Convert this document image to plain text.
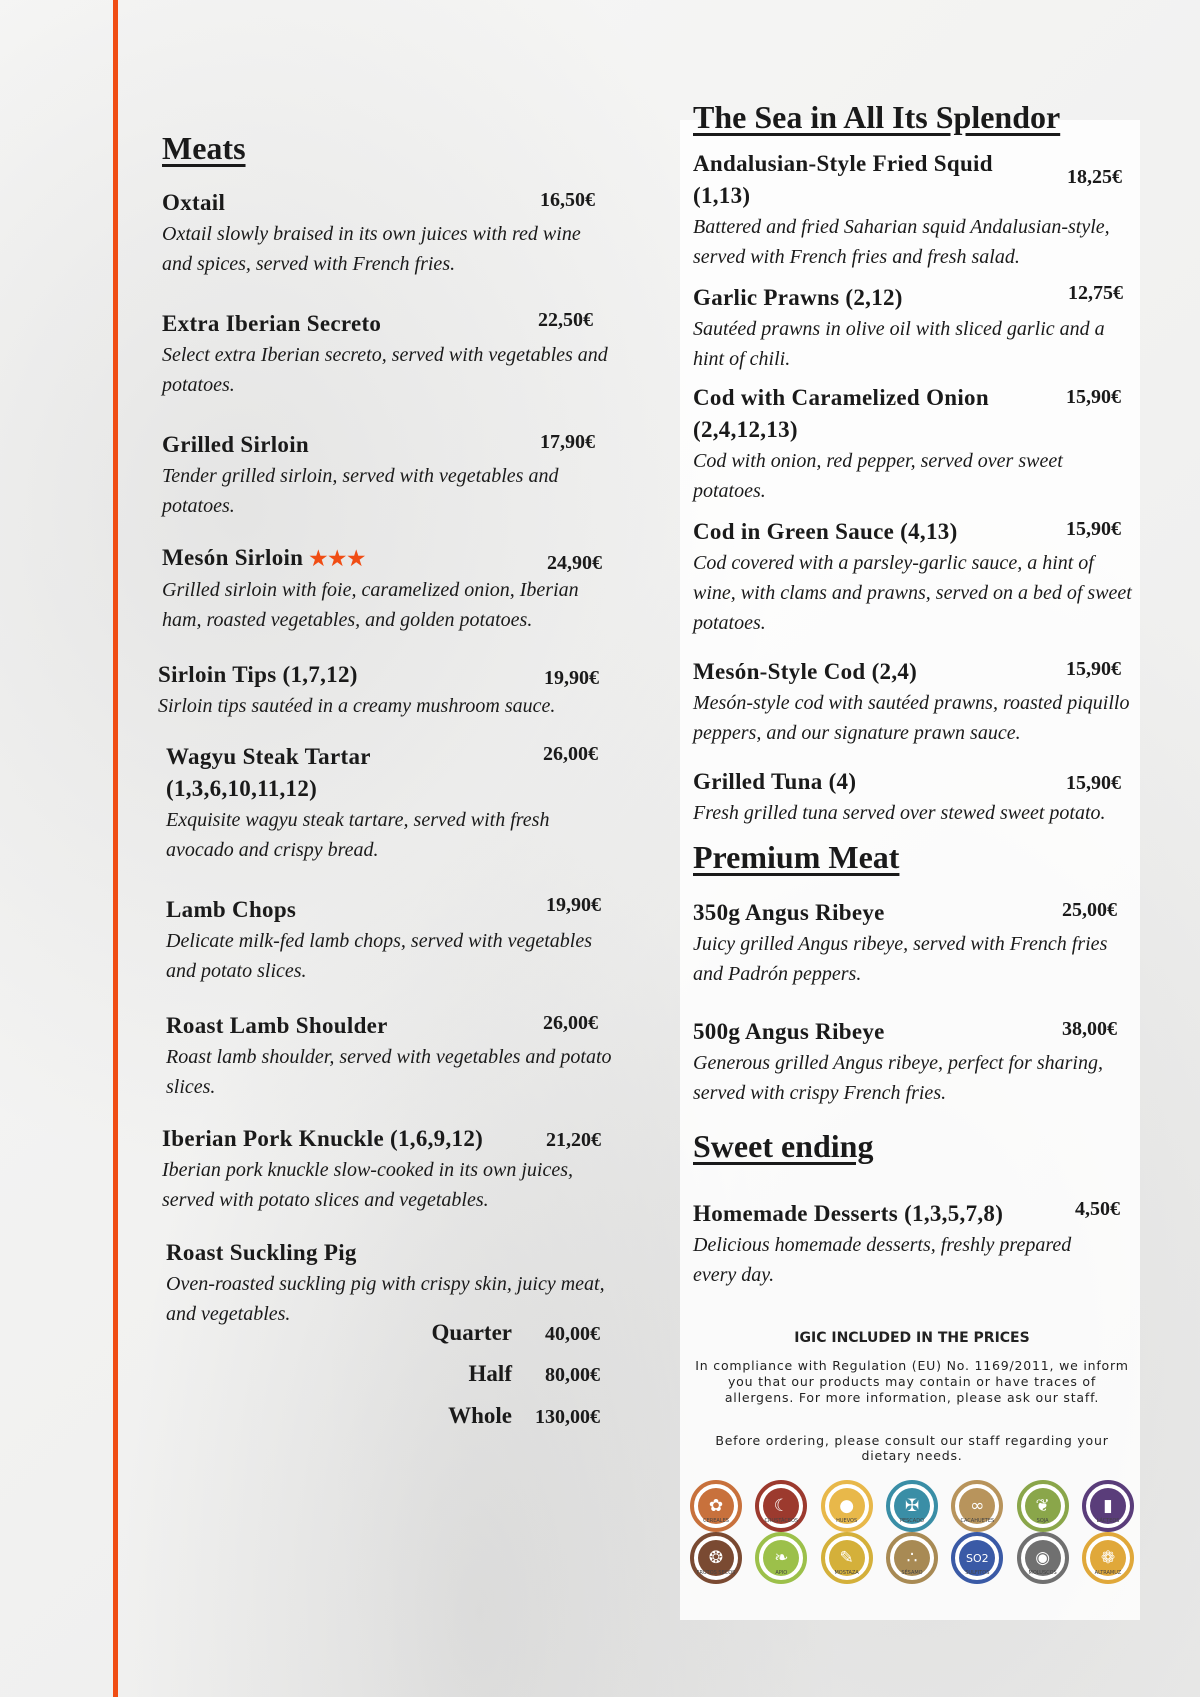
Meats
Oxtail	16,50€
Oxtail slowly braised in its own juices with red wine and spices, served with French fries.
Extra Iberian Secreto	22,50€
Select extra Iberian secreto, served with vegetables and potatoes.
Grilled Sirloin	17,90€
Tender grilled sirloin, served with vegetables and potatoes.
Mesón Sirloin ★★★	24,90€
Grilled sirloin with foie, caramelized onion, Iberian ham, roasted vegetables, and golden potatoes.
Sirloin Tips (1,7,12)	19,90€
Sirloin tips sautéed in a creamy mushroom sauce.
Wagyu Steak Tartar (1,3,6,10,11,12)
26,00€
Exquisite wagyu steak tartare, served with fresh avocado and crispy bread.
Lamb Chops	19,90€
Delicate milk-fed lamb chops, served with vegetables and potato slices.
Roast Lamb Shoulder	26,00€
Roast lamb shoulder, served with vegetables and potato slices.
Iberian Pork Knuckle (1,6,9,12)	21,20€
Iberian pork knuckle slow-cooked in its own juices, served with potato slices and vegetables.
Roast Suckling Pig
Oven-roasted suckling pig with crispy skin, juicy meat, and vegetables.
Quarter 40,00€
Half 80,00€
Whole 130,00€
The Sea in All Its Splendor
Andalusian-Style Fried Squid (1,13)
18,25€
Battered and fried Saharian squid Andalusian-style, served with French fries and fresh salad.
Garlic Prawns (2,12)	12,75€
Sautéed prawns in olive oil with sliced garlic and a hint of chili.
Cod with Caramelized Onion (2,4,12,13)
15,90€
Cod with onion, red pepper, served over sweet potatoes.
Cod in Green Sauce (4,13)	15,90€
Cod covered with a parsley-garlic sauce, a hint of wine, with clams and prawns, served on a bed of sweet potatoes.
Mesón-Style Cod (2,4)	15,90€
Mesón-style cod with sautéed prawns, roasted piquillo peppers, and our signature prawn sauce.
Grilled Tuna (4)	15,90€
Fresh grilled tuna served over stewed sweet potato.
Premium Meat
350g Angus Ribeye	25,00€
Juicy grilled Angus ribeye, served with French fries and Padrón peppers.
500g Angus Ribeye	38,00€
Generous grilled Angus ribeye, perfect for sharing, served with crispy French fries.
Sweet ending
Homemade Desserts (1,3,5,7,8)	4,50€
Delicious homemade desserts, freshly prepared every day.
IGIC INCLUDED IN THE PRICES
In compliance with Regulation (EU) No. 1169/2011, we inform you that our products may contain or have traces of allergens. For more information, please ask our staff.
Before ordering, please consult our staff regarding your dietary needs.
✿
CEREALES
☾
CRUSTÁCEOS
●
HUEVOS
✠
PESCADO
∞
CACAHUETES
❦
SOJA
▮
LÁCTEOS
❂
FRUTOS SECOS
❧
APIO
✎
MOSTAZA
∴
SÉSAMO
SO2
SULFITOS
◉
MOLUSCOS
❁
ALTRAMUZ
